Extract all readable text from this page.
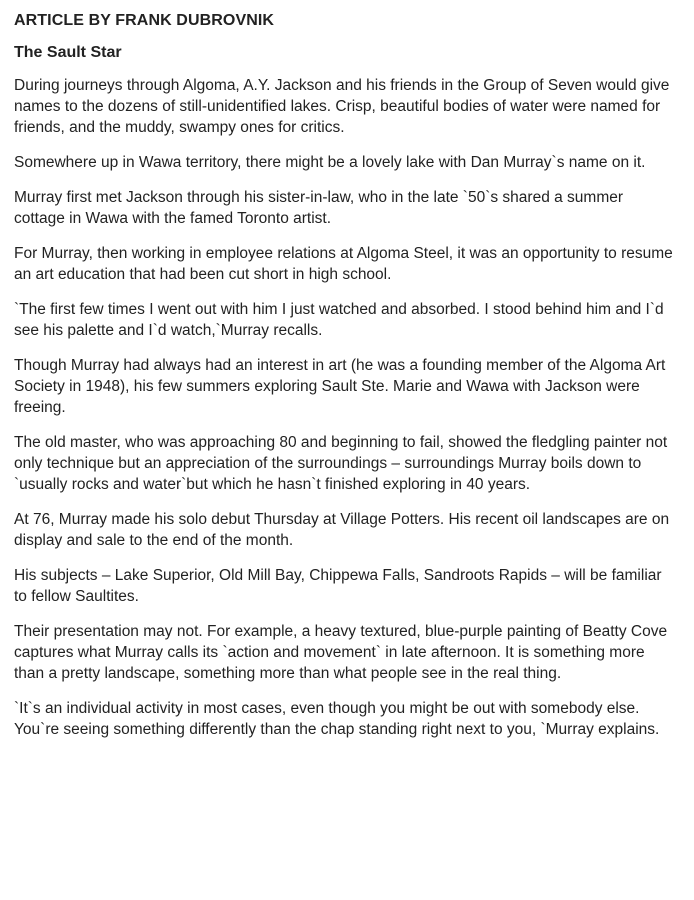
ARTICLE BY FRANK DUBROVNIK
The Sault Star

During journeys through Algoma, A.Y. Jackson and his friends in the Group of Seven would give names to the dozens of still-unidentified lakes. Crisp, beautiful bodies of water were named for friends, and the muddy, swampy ones for critics.

Somewhere up in Wawa territory, there might be a lovely lake with Dan Murray`s name on it.

Murray first met Jackson through his sister-in-law, who in the late `50`s shared a summer cottage in Wawa with the famed Toronto artist.

For Murray, then working in employee relations at Algoma Steel, it was an opportunity to resume an art education that had been cut short in high school.

`The first few times I went out with him I just watched and absorbed. I stood behind him and I`d see his palette and I`d watch,`Murray recalls.

Though Murray had always had an interest in art (he was a founding member of the Algoma Art Society in 1948), his few summers exploring Sault Ste. Marie and Wawa with Jackson were freeing.

The old master, who was approaching 80 and beginning to fail, showed the fledgling painter not only technique but an appreciation of the surroundings – surroundings Murray boils down to `usually rocks and water`but which he hasn`t finished exploring in 40 years.

At 76, Murray made his solo debut Thursday at Village Potters. His recent oil landscapes are on display and sale to the end of the month.

His subjects – Lake Superior, Old Mill Bay, Chippewa Falls, Sandroots Rapids – will be familiar to fellow Saultites.

Their presentation may not. For example, a heavy textured, blue-purple painting of Beatty Cove captures what Murray calls its `action and movement` in late afternoon. It is something more than a pretty landscape, something more than what people see in the real thing.

`It`s an individual activity in most cases, even though you might be out with somebody else. You`re seeing something differently than the chap standing right next to you, `Murray explains.
